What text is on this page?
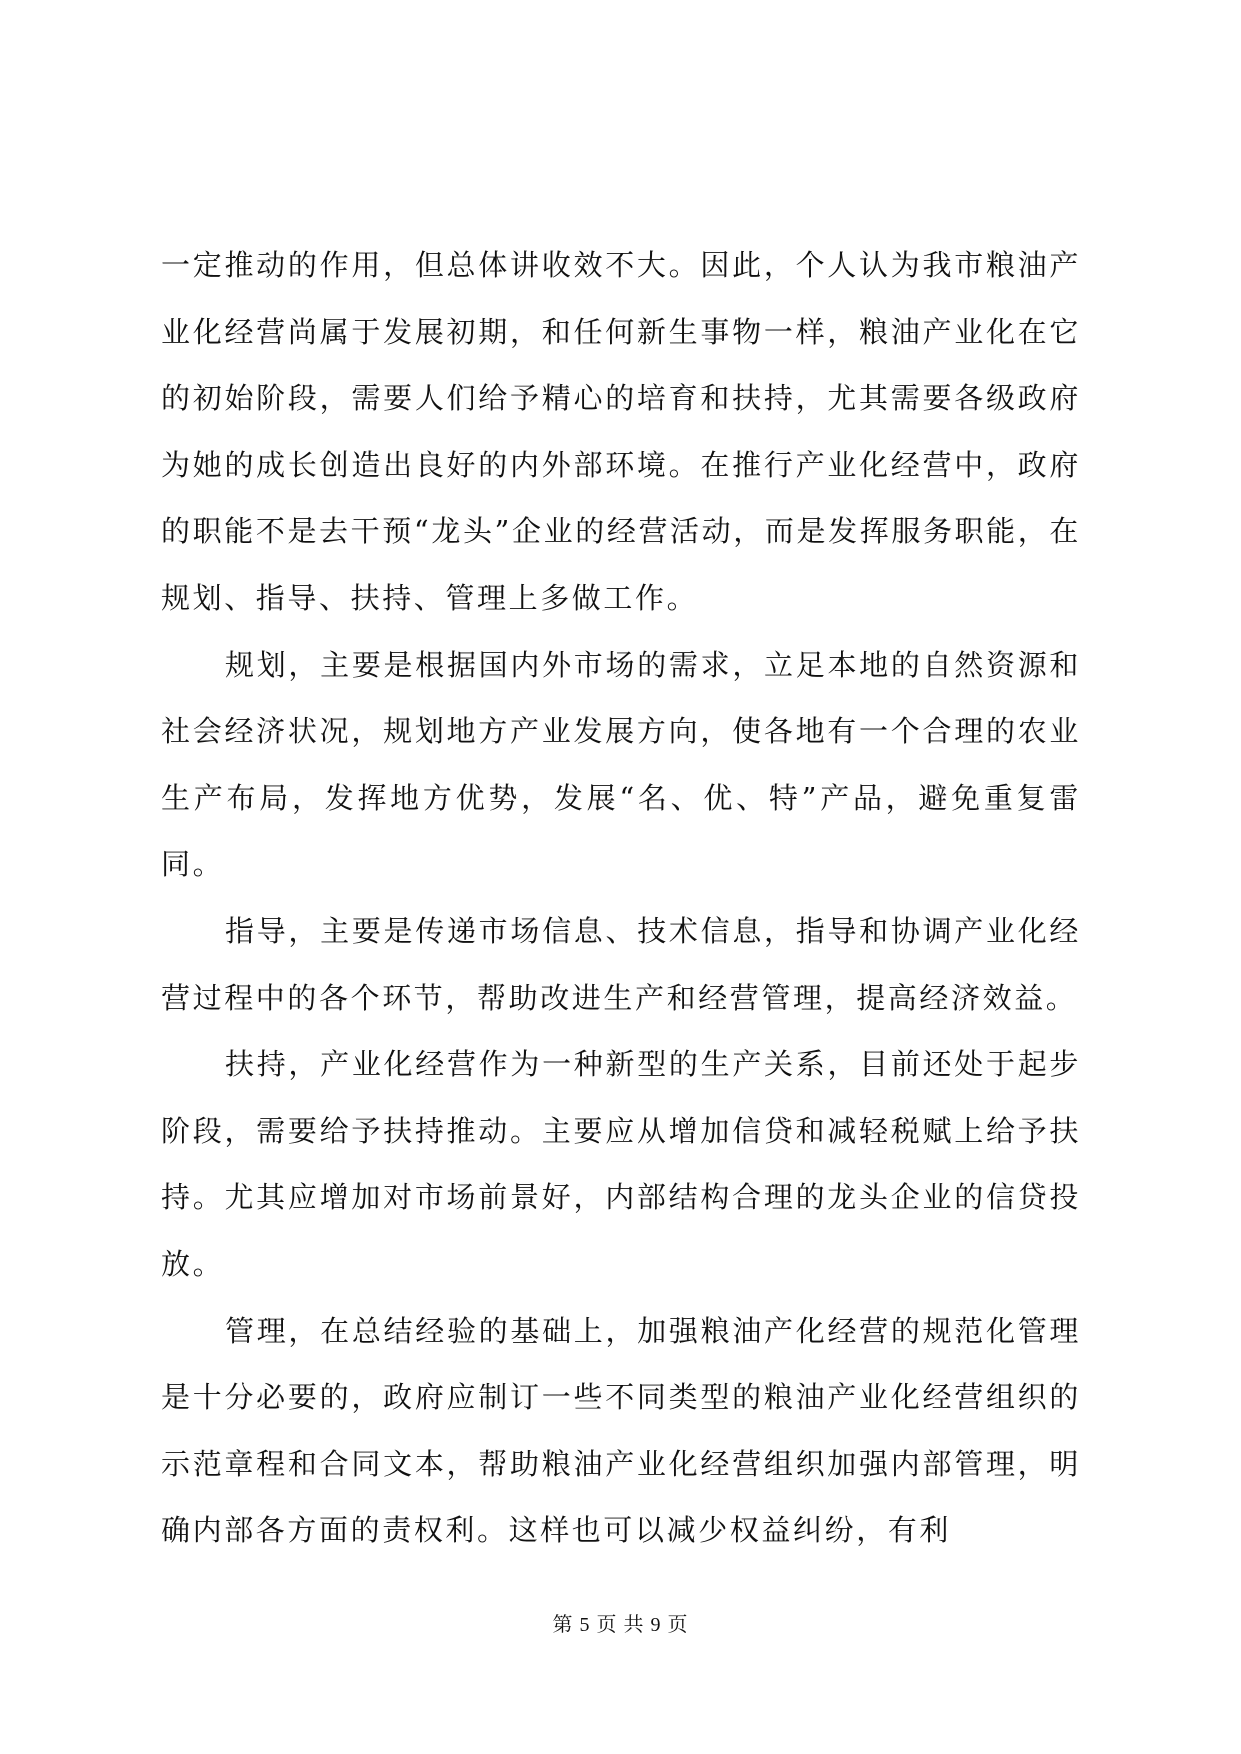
一定推动的作用，但总体讲收效不大。因此，个人认为我市粮油产业化经营尚属于发展初期，和任何新生事物一样，粮油产业化在它的初始阶段，需要人们给予精心的培育和扶持，尤其需要各级政府为她的成长创造出良好的内外部环境。在推行产业化经营中，政府的职能不是去干预“龙头”企业的经营活动，而是发挥服务职能，在规划、指导、扶持、管理上多做工作。

规划，主要是根据国内外市场的需求，立足本地的自然资源和社会经济状况，规划地方产业发展方向，使各地有一个合理的农业生产布局，发挥地方优势，发展“名、优、特”产品，避免重复雷同。

指导，主要是传递市场信息、技术信息，指导和协调产业化经营过程中的各个环节，帮助改进生产和经营管理，提高经济效益。

扶持，产业化经营作为一种新型的生产关系，目前还处于起步阶段，需要给予扶持推动。主要应从增加信贷和减轻税赋上给予扶持。尤其应增加对市场前景好，内部结构合理的龙头企业的信贷投放。

管理，在总结经验的基础上，加强粮油产化经营的规范化管理是十分必要的，政府应制订一些不同类型的粮油产业化经营组织的示范章程和合同文本，帮助粮油产业化经营组织加强内部管理，明确内部各方面的责权利。这样也可以减少权益纠纷，有利

第 5 页 共 9 页
